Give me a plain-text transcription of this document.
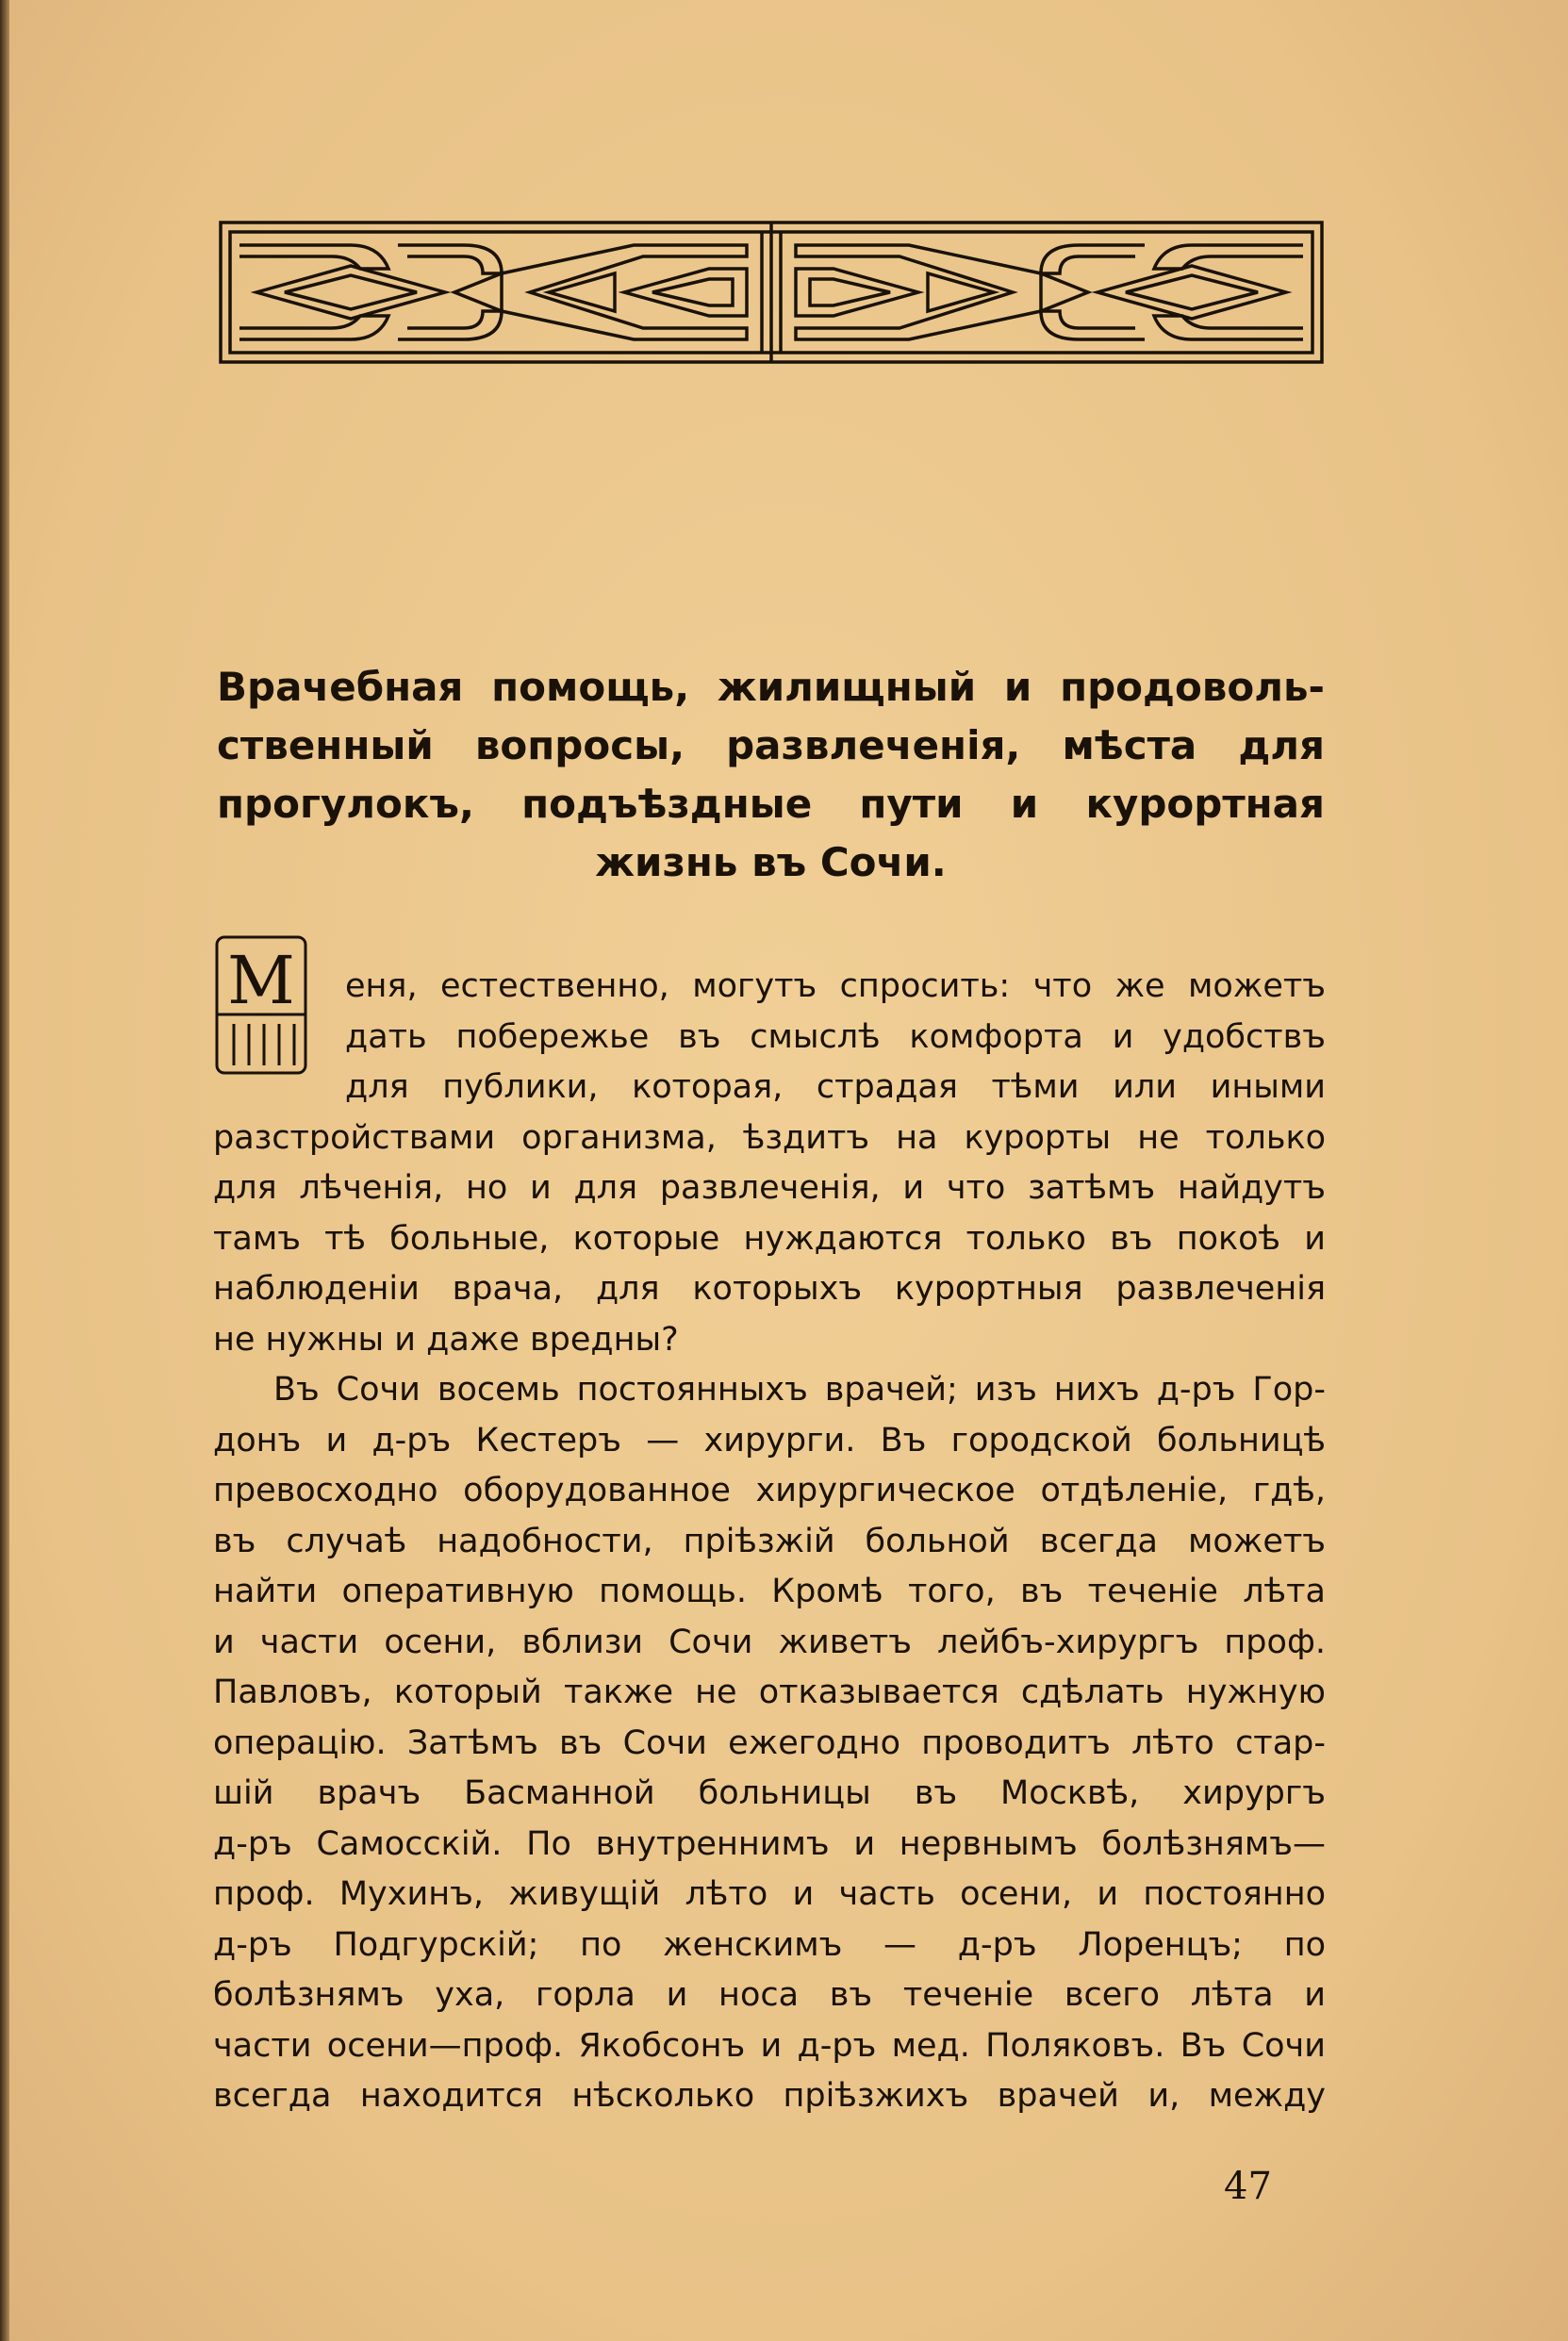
Врачебная помощь, жилищный и продоволь-
ственный вопросы, развлеченія, мѣста для
прогулокъ, подъѣздные пути и курортная
жизнь въ Сочи.
М	еня, естественно, могутъ спросить: что же можетъ
дать побережье въ смыслѣ комфорта и удобствъ
для публики, которая, страдая тѣми или иными
разстройствами организма, ѣздитъ на курорты не только
для лѣченія, но и для развлеченія, и что затѣмъ найдутъ
тамъ тѣ больные, которые нуждаются только въ покоѣ и
наблюденіи врача, для которыхъ курортныя развлеченія
не нужны и даже вредны?
Въ Сочи восемь постоянныхъ врачей; изъ нихъ д-ръ Гор-
донъ и д-ръ Кестеръ — хирурги. Въ городской больницѣ
превосходно оборудованное хирургическое отдѣленіе, гдѣ,
въ случаѣ надобности, пріѣзжій больной всегда можетъ
найти оперативную помощь. Кромѣ того, въ теченіе лѣта
и части осени, вблизи Сочи живетъ лейбъ-хирургъ проф.
Павловъ, который также не отказывается сдѣлать нужную
операцію. Затѣмъ въ Сочи ежегодно проводитъ лѣто стар-
шій врачъ Басманной больницы въ Москвѣ, хирургъ
д-ръ Самосскій. По внутреннимъ и нервнымъ болѣзнямъ—
проф. Мухинъ, живущій лѣто и часть осени, и постоянно
д-ръ Подгурскій; по женскимъ — д-ръ Лоренцъ; по
болѣзнямъ уха, горла и носа въ теченіе всего лѣта и
части осени—проф. Якобсонъ и д-ръ мед. Поляковъ. Въ Сочи
всегда находится нѣсколько пріѣзжихъ врачей и, между
47
